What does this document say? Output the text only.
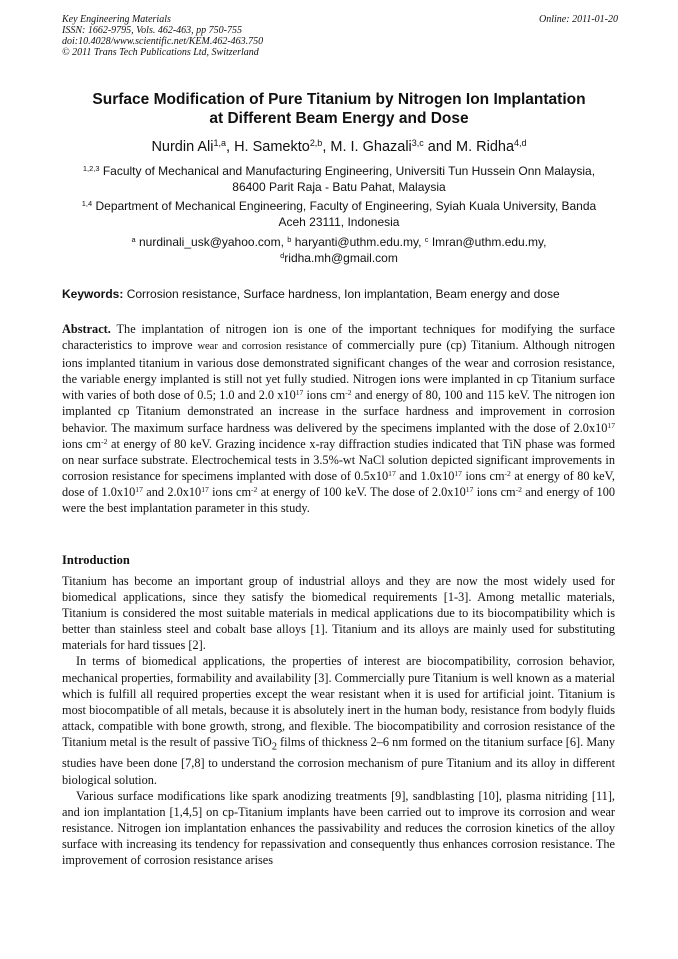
Key Engineering Materials
ISSN: 1662-9795, Vols. 462-463, pp 750-755
doi:10.4028/www.scientific.net/KEM.462-463.750
© 2011 Trans Tech Publications Ltd, Switzerland
Online: 2011-01-20
Surface Modification of Pure Titanium by Nitrogen Ion Implantation
at Different Beam Energy and Dose
Nurdin Ali$^{1,a}$, H. Samekto$^{2,b}$, M. I. Ghazali$^{3,c}$ and M. Ridha$^{4,d}$
$^{1,2,3}$ Faculty of Mechanical and Manufacturing Engineering, Universiti Tun Hussein Onn Malaysia,
86400 Parit Raja - Batu Pahat, Malaysia
$^{1,4}$ Department of Mechanical Engineering, Faculty of Engineering, Syiah Kuala University, Banda
Aceh 23111, Indonesia
$^a$ nurdinali_usk@yahoo.com, $^b$ haryanti@uthm.edu.my, $^c$ Imran@uthm.edu.my,
$^d$ridha.mh@gmail.com
Keywords: Corrosion resistance, Surface hardness, Ion implantation, Beam energy and dose

Abstract. The implantation of nitrogen ion is one of the important techniques for modifying the surface characteristics to improve wear and corrosion resistance of commercially pure (cp) Titanium. Although nitrogen ions implanted titanium in various dose demonstrated significant changes of the wear and corrosion resistance, the variable energy implanted is still not yet fully studied. Nitrogen ions were implanted in cp Titanium surface with varies of both dose of 0.5; 1.0 and 2.0 $x10^{17}$ ions $cm^{-2}$ and energy of 80, 100 and 115 keV. The nitrogen ion implanted cp Titanium demonstrated an increase in the surface hardness and improvement in corrosion behavior. The maximum surface hardness was delivered by the specimens implanted with the dose of $2.0x10^{17}$ ions $cm^{-2}$ at energy of 80 keV. Grazing incidence x-ray diffraction studies indicated that TiN phase was formed on near surface substrate. Electrochemical tests in 3.5%-wt NaCl solution depicted significant improvements in corrosion resistance for specimens implanted with dose of $0.5x10^{17}$ and $1.0x10^{17}$ ions $cm^{-2}$ at energy of 80 keV, dose of $1.0x10^{17}$ and $2.0x10^{17}$ ions $cm^{-2}$ at energy of 100 keV. The dose of $2.0x10^{17}$ ions $cm^{-2}$ and energy of 100 were the best implantation parameter in this study.

Introduction

Titanium has become an important group of industrial alloys and they are now the most widely used for biomedical applications, since they satisfy the biomedical requirements [1-3]. Among metallic materials, Titanium is considered the most suitable materials in medical applications due to its biocompatibility which is better than stainless steel and cobalt base alloys [1]. Titanium and its alloys are mainly used for substituting materials for hard tissues [2].

In terms of biomedical applications, the properties of interest are biocompatibility, corrosion behavior, mechanical properties, formability and availability [3]. Commercially pure Titanium is well known as a material which is fulfill all required properties except the wear resistant when it is used for artificial joint. Titanium is most biocompatible of all metals, because it is absolutely inert in the human body, resistance from bodyly fluids attack, compatible with bone growth, strong, and flexible. The biocompatibility and corrosion resistance of the Titanium metal is the result of passive TiO$_2$ films of thickness 2–6 nm formed on the titanium surface [6]. Many studies have been done [7,8] to understand the corrosion mechanism of pure Titanium and its alloy in different biological solution.

Various surface modifications like spark anodizing treatments [9], sandblasting [10], plasma nitriding [11], and ion implantation [1,4,5] on cp-Titanium implants have been carried out to improve its corrosion and wear resistance. Nitrogen ion implantation enhances the passivability and reduces the corrosion kinetics of the alloy surface with increasing its tendency for repassivation and consequently thus enhances corrosion resistance. The improvement of corrosion resistance arises
